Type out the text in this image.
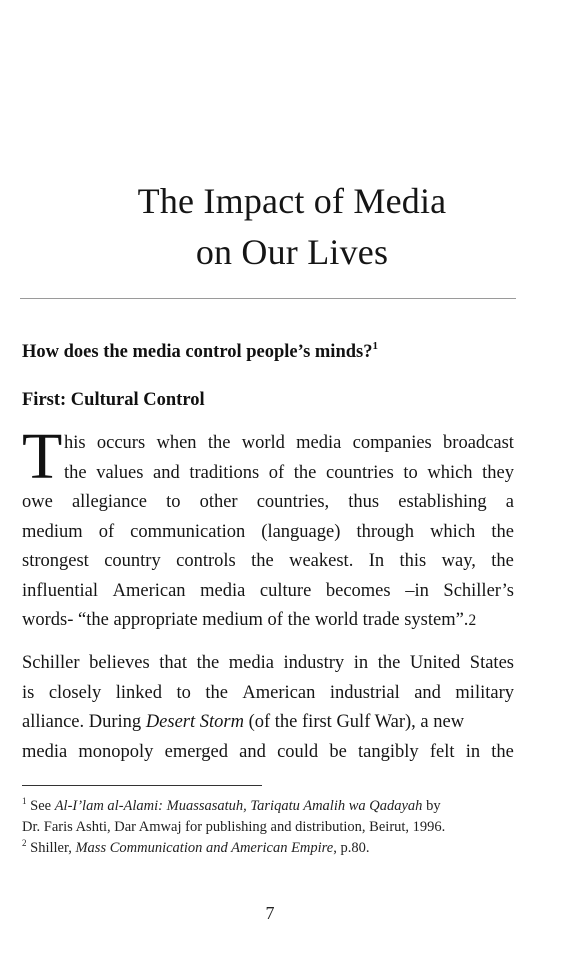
The Impact of Media
on Our Lives
How does the media control people’s minds?$^1$
First: Cultural Control
T his occurs when the world media companies broadcast
the values and traditions of the countries to which they
owe allegiance to other countries, thus establishing a
medium of communication (language) through which the
strongest country controls the weakest. In this way, the
influential American media culture becomes –in Schiller’s
words- “the appropriate medium of the world trade system”. 2
Schiller believes that the media industry in the United States
is closely linked to the American industrial and military
alliance. During Desert Storm (of the first Gulf War), a new
media monopoly emerged and could be tangibly felt in the
$^1$ See Al-I’lam al-Alami: Muassasatuh, Tariqatu Amalih wa Qadayah by
Dr. Faris Ashti, Dar Amwaj for publishing and distribution, Beirut, 1996.
$^2$ Shiller, Mass Communication and American Empire, p.80.
7
